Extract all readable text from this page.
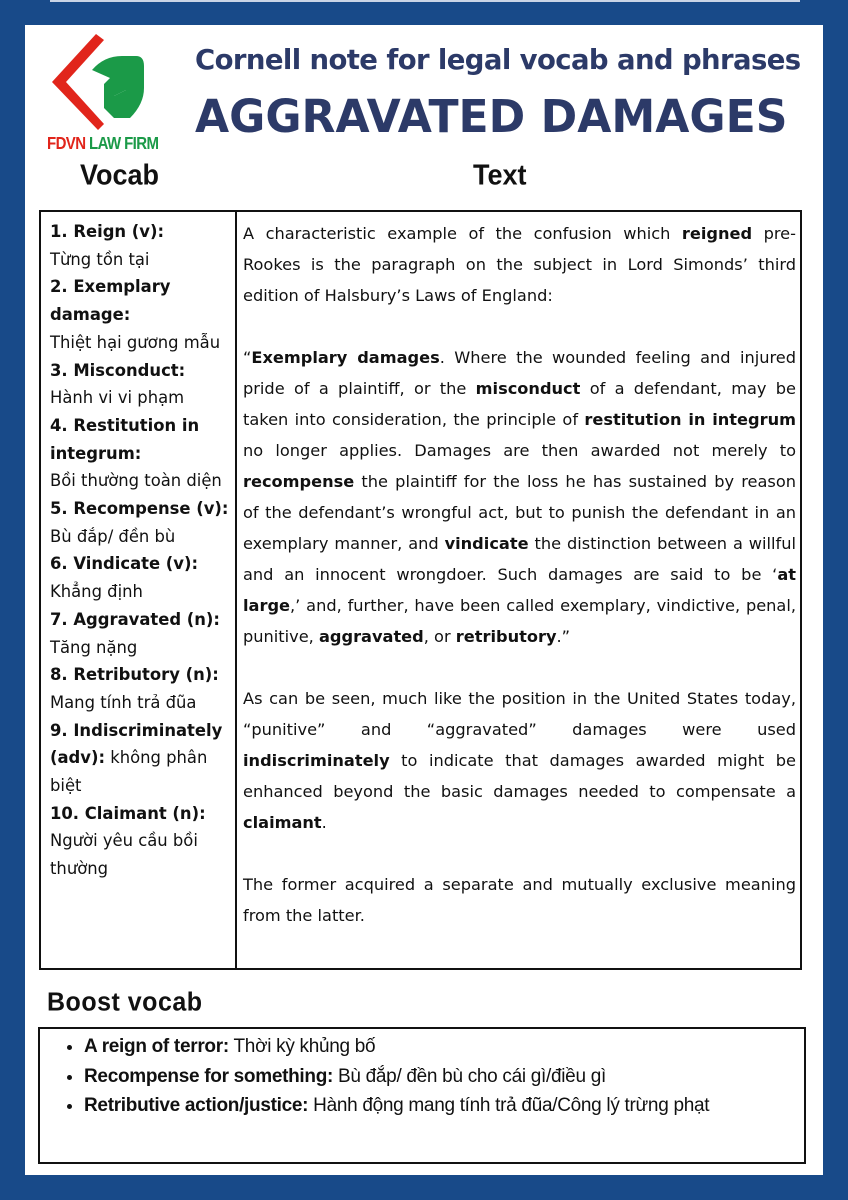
FDVN LAW FIRM
Cornell note for legal vocab and phrases
AGGRAVATED DAMAGES
Vocab	Text
1. Reign (v):
Từng tồn tại
2. Exemplary damage:
Thiệt hại gương mẫu
3. Misconduct:
Hành vi vi phạm
4. Restitution in integrum:
Bồi thường toàn diện
5. Recompense (v):
Bù đắp/ đền bù
6. Vindicate (v):
Khẳng định
7. Aggravated (n):
Tăng nặng
8. Retributory (n):
Mang tính trả đũa
9. Indiscriminately (adv): không phân biệt
10. Claimant (n):
Người yêu cầu bồi thường

A characteristic example of the confusion which reigned pre-Rookes is the paragraph on the subject in Lord Simonds’ third edition of Halsbury’s Laws of England:

“Exemplary damages. Where the wounded feeling and injured pride of a plaintiff, or the misconduct of a defendant, may be taken into consideration, the principle of restitution in integrum no longer applies. Damages are then awarded not merely to recompense the plaintiff for the loss he has sustained by reason of the defendant’s wrongful act, but to punish the defendant in an exemplary manner, and vindicate the distinction between a willful and an innocent wrongdoer. Such damages are said to be ‘at large,’ and, further, have been called exemplary, vindictive, penal, punitive, aggravated, or retributory.”

As can be seen, much like the position in the United States today, “punitive” and “aggravated” damages were used indiscriminately to indicate that damages awarded might be enhanced beyond the basic damages needed to compensate a claimant.

The former acquired a separate and mutually exclusive meaning from the latter.

Boost vocab
• A reign of terror: Thời kỳ khủng bố
• Recompense for something: Bù đắp/ đền bù cho cái gì/điều gì
• Retributive action/justice: Hành động mang tính trả đũa/Công lý trừng phạt
